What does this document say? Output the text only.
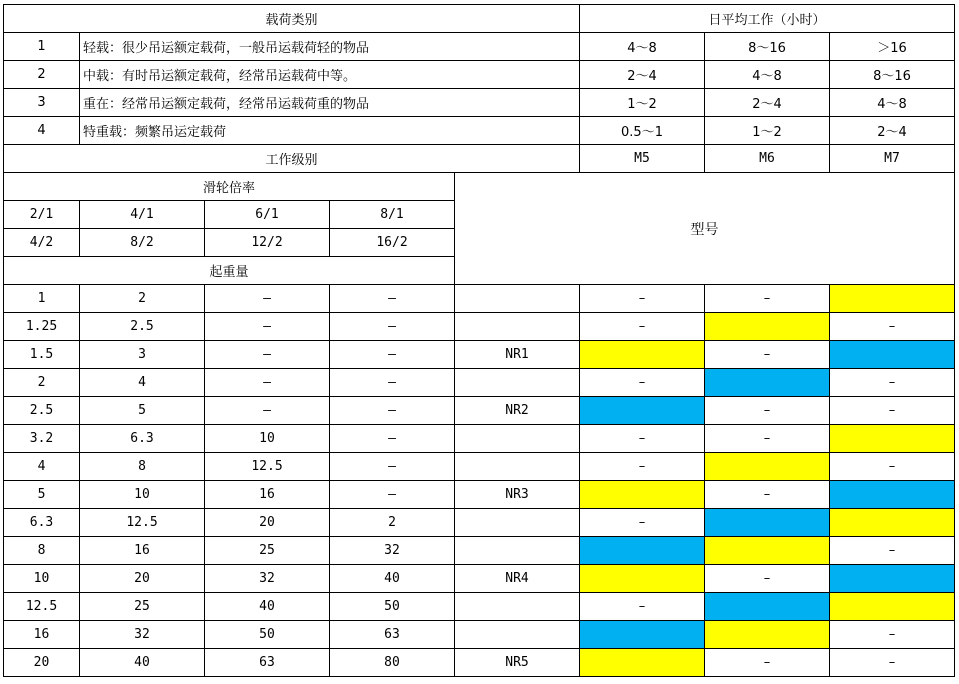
载荷类别					日平均工作（小时）		
1	轻载：很少吊运额定载荷，一般吊运载荷轻的物品				4～8	8～16	＞16
2	中载：有时吊运额定载荷，经常吊运载荷中等。				2～4	4～8	8～16
3	重在：经常吊运额定载荷，经常吊运载荷重的物品				1～2	2～4	4～8
4	特重载：频繁吊运定载荷				0.5～1	1～2	2～4
工作级别					M5	M6	M7
滑轮倍率				型号			
2/1	4/1	6/1	8/1				
4/2	8/2	12/2	16/2				
起重量							
1	2	–	–		–	–	
1.25	2.5	–	–		–		–
1.5	3	–	–	NR1		–	
2	4	–	–		–		–
2.5	5	–	–	NR2		–	–
3.2	6.3	10	–		–	–	
4	8	12.5	–		–		–
5	10	16	–	NR3		–	
6.3	12.5	20	2		–		
8	16	25	32				–
10	20	32	40	NR4		–	
12.5	25	40	50		–		
16	32	50	63				–
20	40	63	80	NR5		–	–
